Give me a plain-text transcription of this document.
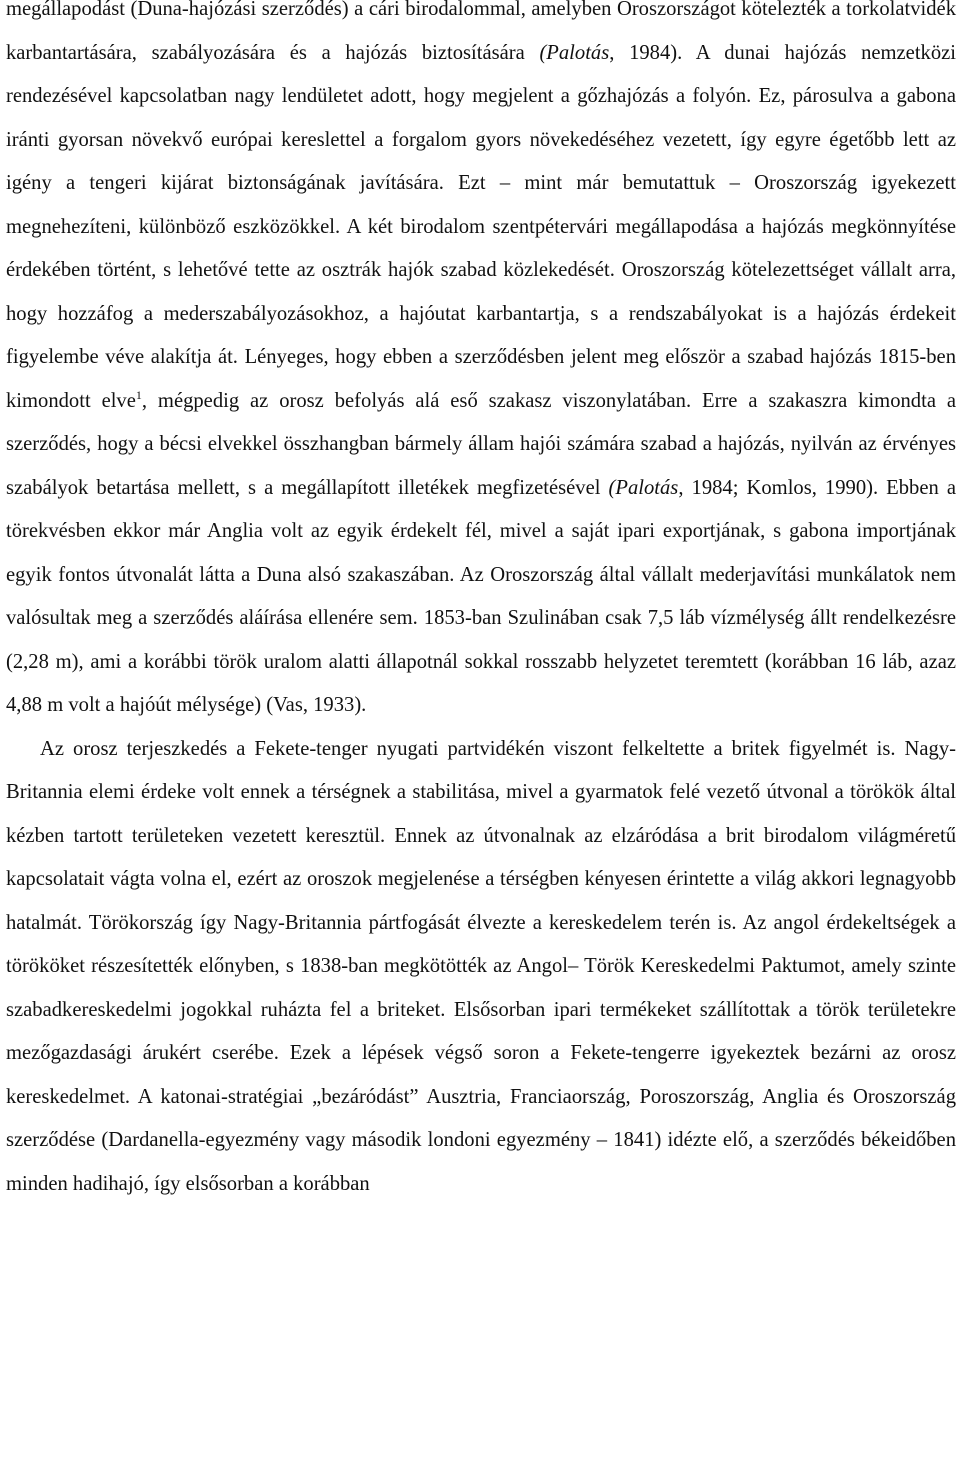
megállapodást (Duna-hajózási szerződés) a cári birodalommal, amelyben Oroszországot kötelezték a torkolatvidék karbantartására, szabályozására és a hajózás biztosítására (Palotás, 1984). A dunai hajózás nemzetközi rendezésével kapcsolatban nagy lendületet adott, hogy megjelent a gőzhajózás a folyón. Ez, párosulva a gabona iránti gyorsan növekvő európai kereslettel a forgalom gyors növekedéséhez vezetett, így egyre égetőbb lett az igény a tengeri kijárat biztonságának javítására. Ezt – mint már bemutattuk – Oroszország igyekezett megnehezíteni, különböző eszközökkel. A két birodalom szentpétervári megállapodása a hajózás megkönnyítése érdekében történt, s lehetővé tette az osztrák hajók szabad közlekedését. Oroszország kötelezettséget vállalt arra, hogy hozzáfog a mederszabályozásokhoz, a hajóutat karbantartja, s a rendszabályokat is a hajózás érdekeit figyelembe véve alakítja át. Lényeges, hogy ebben a szerződésben jelent meg először a szabad hajózás 1815-ben kimondott elve$^1$, mégpedig az orosz befolyás alá eső szakasz viszonylatában. Erre a szakaszra kimondta a szerződés, hogy a bécsi elvekkel összhangban bármely állam hajói számára szabad a hajózás, nyilván az érvényes szabályok betartása mellett, s a megállapított illetékek megfizetésével (Palotás, 1984; Komlos, 1990). Ebben a törekvésben ekkor már Anglia volt az egyik érdekelt fél, mivel a saját ipari exportjának, s gabona importjának egyik fontos útvonalát látta a Duna alsó szakaszában. Az Oroszország által vállalt mederjavítási munkálatok nem valósultak meg a szerződés aláírása ellenére sem. 1853-ban Szulinában csak 7,5 láb vízmélység állt rendelkezésre (2,28 m), ami a korábbi török uralom alatti állapotnál sokkal rosszabb helyzetet teremtett (korábban 16 láb, azaz 4,88 m volt a hajóút mélysége) (Vas, 1933).

Az orosz terjeszkedés a Fekete-tenger nyugati partvidékén viszont felkeltette a britek figyelmét is. Nagy-Britannia elemi érdeke volt ennek a térségnek a stabilitása, mivel a gyarmatok felé vezető útvonal a törökök által kézben tartott területeken vezetett keresztül. Ennek az útvonalnak az elzáródása a brit birodalom világméretű kapcsolatait vágta volna el, ezért az oroszok megjelenése a térségben kényesen érintette a világ akkori legnagyobb hatalmát. Törökország így Nagy-Britannia pártfogását élvezte a kereskedelem terén is. Az angol érdekeltségek a törököket részesítették előnyben, s 1838-ban megkötötték az Angol– Török Kereskedelmi Paktumot, amely szinte szabadkereskedelmi jogokkal ruházta fel a briteket. Elsősorban ipari termékeket szállítottak a török területekre mezőgazdasági árukért cserébe. Ezek a lépések végső soron a Fekete-tengerre igyekeztek bezárni az orosz kereskedelmet. A katonai-stratégiai „bezáródást” Ausztria, Franciaország, Poroszország, Anglia és Oroszország szerződése (Dardanella-egyezmény vagy második londoni egyezmény – 1841) idézte elő, a szerződés békeidőben minden hadihajó, így elsősorban a korábban
